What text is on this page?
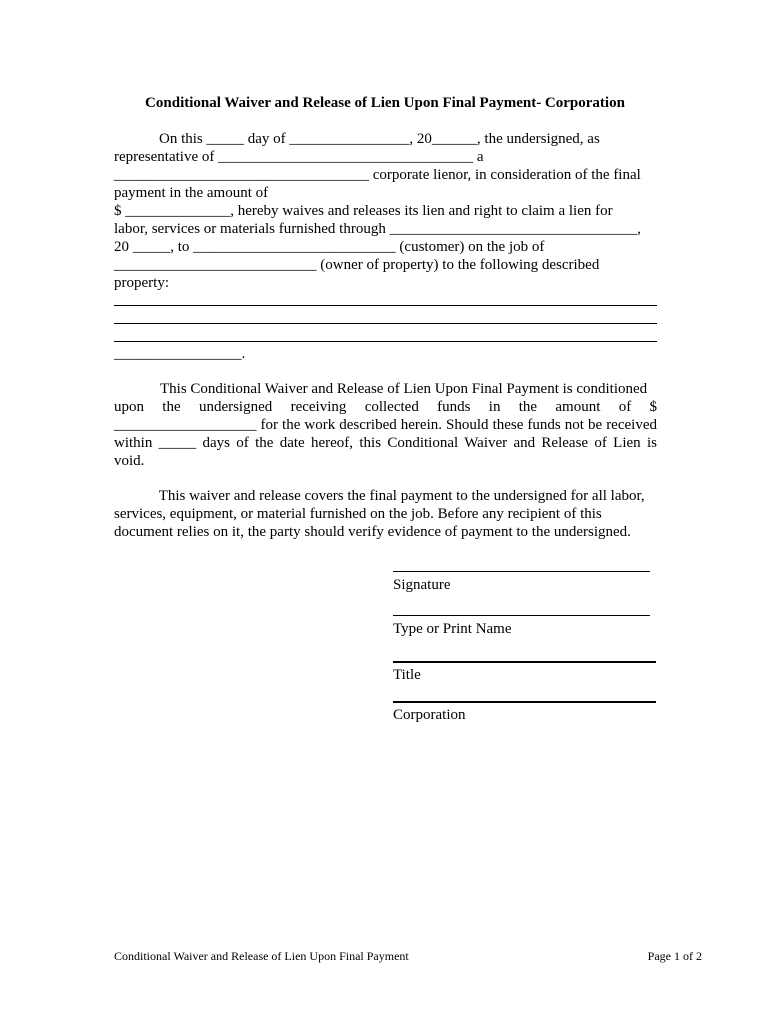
Conditional Waiver and Release of Lien Upon Final Payment- Corporation
On this _____ day of ________________, 20______, the undersigned, as
representative of __________________________________ a
__________________________________ corporate lienor, in consideration of the final
payment in the amount of
$ ______________, hereby waives and releases its lien and right to claim a lien for
labor, services or materials furnished through _________________________________,
20 _____, to ___________________________ (customer) on the job of
___________________________ (owner of property) to the following described
property:
_________________.
This Conditional Waiver and Release of Lien Upon Final Payment is conditioned
upon the undersigned receiving collected funds in the amount of $
___________________ for the work described herein. Should these funds not be received
within _____ days of the date hereof, this Conditional Waiver and Release of Lien is
void.
This waiver and release covers the final payment to the undersigned for all labor,
services, equipment, or material furnished on the job. Before any recipient of this
document relies on it, the party should verify evidence of payment to the undersigned.
Signature
Type or Print Name
Title
Corporation
Conditional Waiver and Release of Lien Upon Final Payment	Page 1 of 2
